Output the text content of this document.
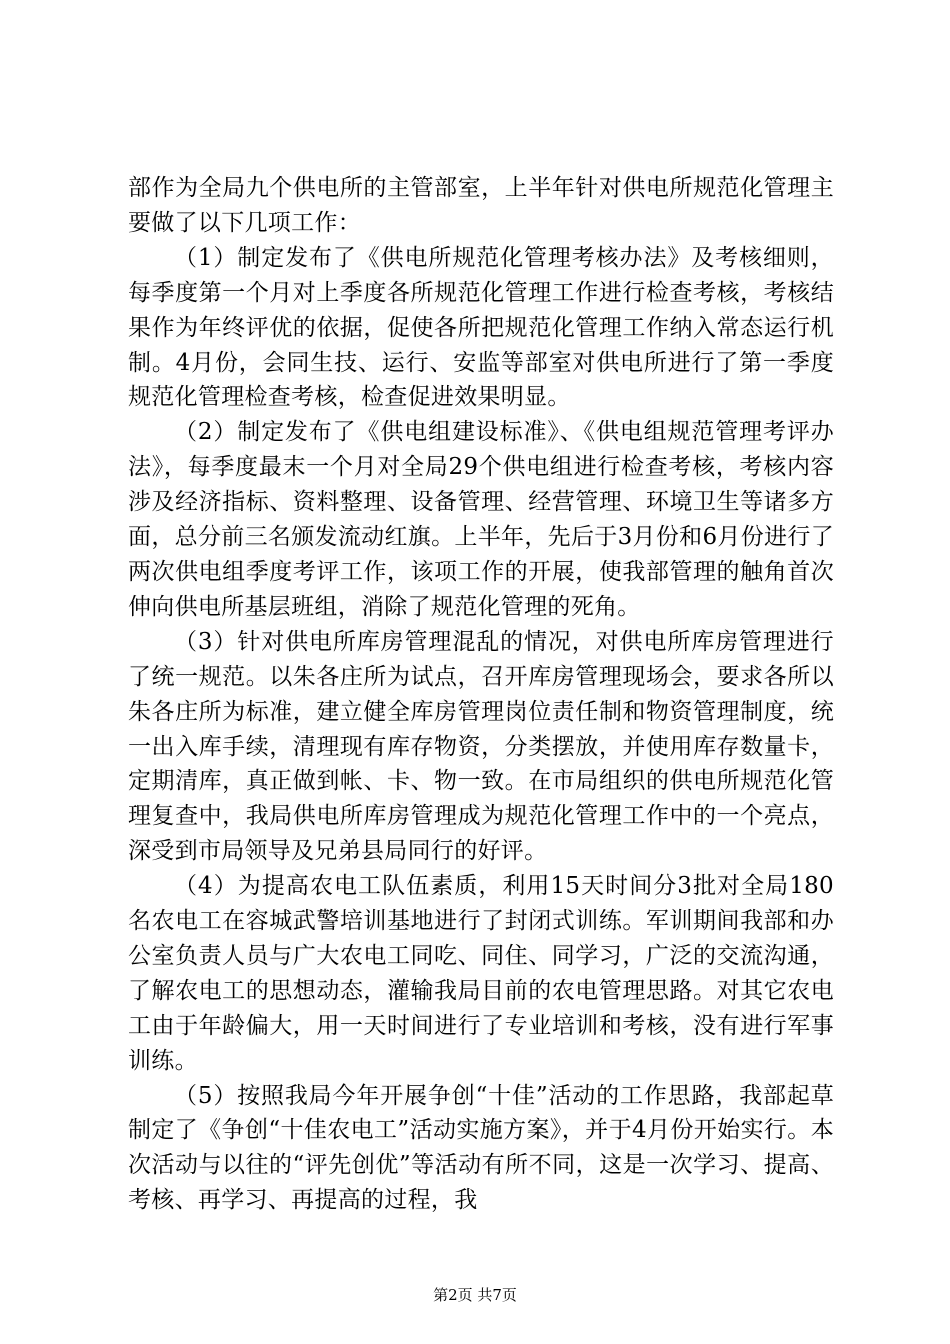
部作为全局九个供电所的主管部室，上半年针对供电所规范化管理主要做了以下几项工作：

（1）制定发布了《供电所规范化管理考核办法》及考核细则，每季度第一个月对上季度各所规范化管理工作进行检查考核，考核结果作为年终评优的依据，促使各所把规范化管理工作纳入常态运行机制。4月份，会同生技、运行、安监等部室对供电所进行了第一季度规范化管理检查考核，检查促进效果明显。

（2）制定发布了《供电组建设标准》、《供电组规范管理考评办法》，每季度最末一个月对全局29个供电组进行检查考核，考核内容涉及经济指标、资料整理、设备管理、经营管理、环境卫生等诸多方面，总分前三名颁发流动红旗。上半年，先后于3月份和6月份进行了两次供电组季度考评工作，该项工作的开展，使我部管理的触角首次伸向供电所基层班组，消除了规范化管理的死角。

（3）针对供电所库房管理混乱的情况，对供电所库房管理进行了统一规范。以朱各庄所为试点，召开库房管理现场会，要求各所以朱各庄所为标准，建立健全库房管理岗位责任制和物资管理制度，统一出入库手续，清理现有库存物资，分类摆放，并使用库存数量卡，定期清库，真正做到帐、卡、物一致。在市局组织的供电所规范化管理复查中，我局供电所库房管理成为规范化管理工作中的一个亮点，深受到市局领导及兄弟县局同行的好评。

（4）为提高农电工队伍素质，利用15天时间分3批对全局180名农电工在容城武警培训基地进行了封闭式训练。军训期间我部和办公室负责人员与广大农电工同吃、同住、同学习，广泛的交流沟通，了解农电工的思想动态，灌输我局目前的农电管理思路。对其它农电工由于年龄偏大，用一天时间进行了专业培训和考核，没有进行军事训练。

（5）按照我局今年开展争创“十佳”活动的工作思路，我部起草制定了《争创“十佳农电工”活动实施方案》，并于4月份开始实行。本次活动与以往的“评先创优”等活动有所不同，这是一次学习、提高、考核、再学习、再提高的过程，我

第2页 共7页
